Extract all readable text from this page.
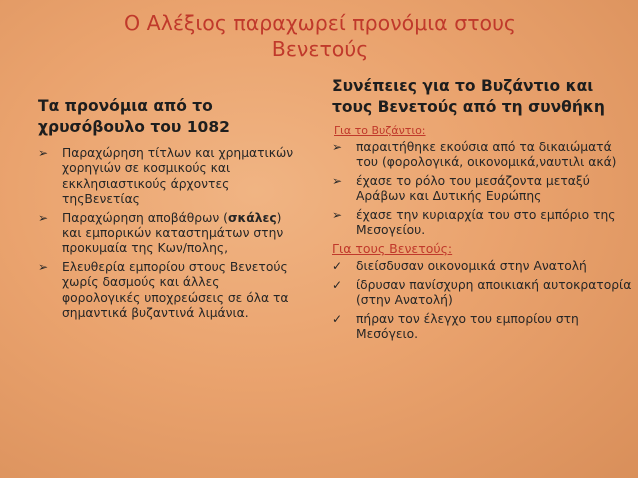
Ο Αλέξιος παραχωρεί προνόμια στους Βενετούς
Τα προνόμια από το χρυσόβουλο του 1082
➢ Παραχώρηση τίτλων και χρηματικών χορηγιών σε κοσμικούς και εκκλησιαστικούς άρχοντες τηςΒενετίας
➢ Παραχώρηση αποβάθρων (σκάλες) και εμπορικών καταστημάτων στην προκυμαία της Κων/πολης,
➢ Ελευθερία εμπορίου στους Βενετούς χωρίς δασμούς και άλλες φορολογικές υποχρεώσεις σε όλα τα σημαντικά βυζαντινά λιμάνια.
Συνέπειες για το Βυζάντιο και τους Βενετούς από τη συνθήκη
Για το Βυζάντιο:
➢ παραιτήθηκε εκούσια από τα δικαιώματά του (φορολογικά, οικονομικά,ναυτιλι ακά)
➢ έχασε το ρόλο του μεσάζοντα μεταξύ Αράβων και Δυτικής Ευρώπης
➢ έχασε την κυριαρχία του στο εμπόριο της Μεσογείου.
Για τους Βενετούς:
✓ διείσδυσαν οικονομικά στην Ανατολή
✓ ίδρυσαν πανίσχυρη αποικιακή αυτοκρατορία (στην Ανατολή)
✓ πήραν τον έλεγχο του εμπορίου στη Μεσόγειο.
